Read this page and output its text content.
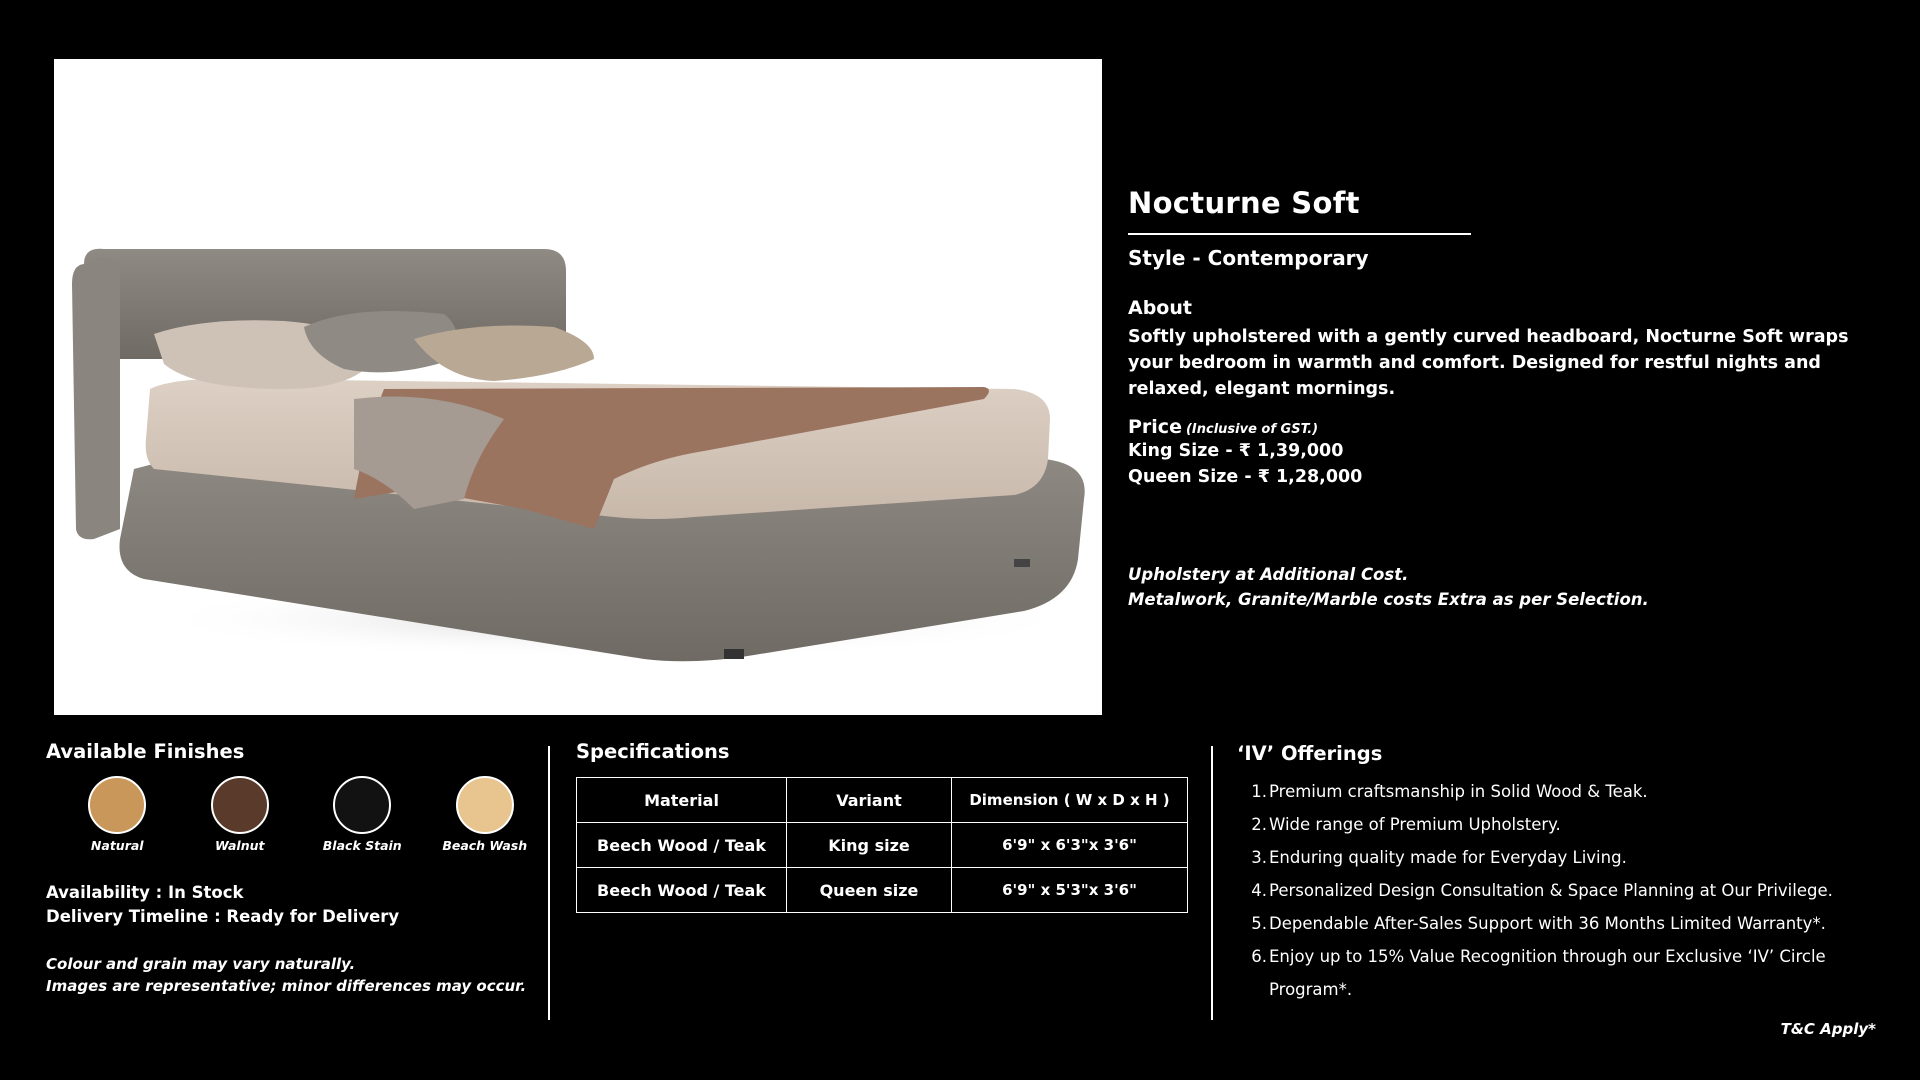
Nocturne Soft
Style - Contemporary
About
Softly upholstered with a gently curved headboard, Nocturne Soft wraps your bedroom in warmth and comfort. Designed for restful nights and relaxed, elegant mornings.
Price (Inclusive of GST.)
King Size - ₹ 1,39,000
Queen Size - ₹ 1,28,000
Upholstery at Additional Cost.
Metalwork, Granite/Marble costs Extra as per Selection.
Available Finishes
Natural	Walnut	Black Stain	Beach Wash
Availability : In Stock
Delivery Timeline : Ready for Delivery
Colour and grain may vary naturally.
Images are representative; minor differences may occur.
Specifications
Material	Variant	Dimension ( W x D x H )
Beech Wood / Teak	King size	6'9" x 6'3"x 3'6"
Beech Wood / Teak	Queen size	6'9" x 5'3"x 3'6"
‘IV’ Offerings
1. Premium craftsmanship in Solid Wood & Teak.
2. Wide range of Premium Upholstery.
3. Enduring quality made for Everyday Living.
4. Personalized Design Consultation & Space Planning at Our Privilege.
5. Dependable After-Sales Support with 36 Months Limited Warranty*.
6. Enjoy up to 15% Value Recognition through our Exclusive ‘IV’ Circle Program*.
T&C Apply*
